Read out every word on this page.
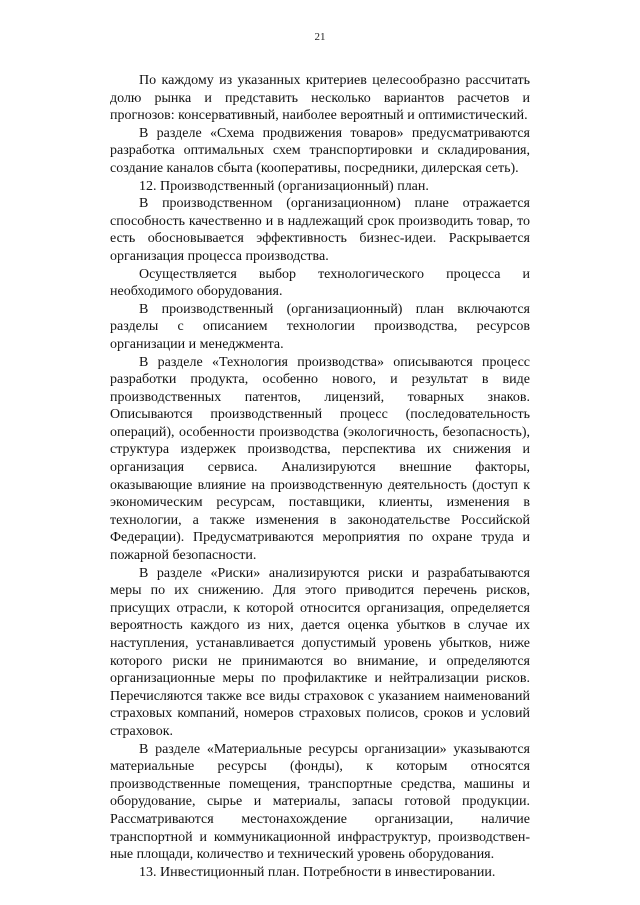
21

По каждому из указанных критериев целесообразно рассчитать долю рынка и представить несколько вариантов расчетов и прогнозов: консервативный, наиболее вероятный и оптимистический.

В разделе «Схема продвижения товаров» предусматриваются разработка оптимальных схем транспортировки и складирования, создание каналов сбыта (кооперативы, посредники, дилерская сеть).

12. Производственный (организационный) план.

В производственном (организационном) плане отражается способность качественно и в надлежащий срок производить товар, то есть обосновывается эффективность бизнес-идеи. Раскрывается организация процесса производства.

Осуществляется выбор технологического процесса и необходимого оборудования.

В производственный (организационный) план включаются разделы с описанием технологии производства, ресурсов организации и менеджмента.

В разделе «Технология производства» описываются процесс разработки продукта, особенно нового, и результат в виде производственных патентов, лицензий, товарных знаков. Описываются производственный процесс (последовательность операций), особенности производства (экологичность, безопасность), структура издержек производства, перспектива их снижения и организация сервиса. Анализируются внешние факторы, оказывающие влияние на производственную деятельность (доступ к экономическим ресурсам, поставщики, клиенты, изменения в технологии, а также изменения в законодательстве Российской Федерации). Предусматриваются мероприятия по охране труда и пожарной безопасности.

В разделе «Риски» анализируются риски и разрабатываются меры по их снижению. Для этого приводится перечень рисков, присущих отрасли, к которой относится организация, определяется вероятность каждого из них, дается оценка убытков в случае их наступления, устанавливается допустимый уровень убытков, ниже которого риски не принимаются во внимание, и определяются организационные меры по профилактике и нейтрализации рисков. Перечисляются также все виды страховок с указанием наименований страховых компаний, номеров страховых полисов, сроков и условий страховок.

В разделе «Материальные ресурсы организации» указываются материальные ресурсы (фонды), к которым относятся производственные помещения, транспортные средства, машины и оборудование, сырье и материалы, запасы готовой продукции. Рассматриваются местонахождение организации, наличие транспортной и коммуникационной инфраструктур, производственные площади, количество и технический уровень оборудования.

13. Инвестиционный план. Потребности в инвестировании.
